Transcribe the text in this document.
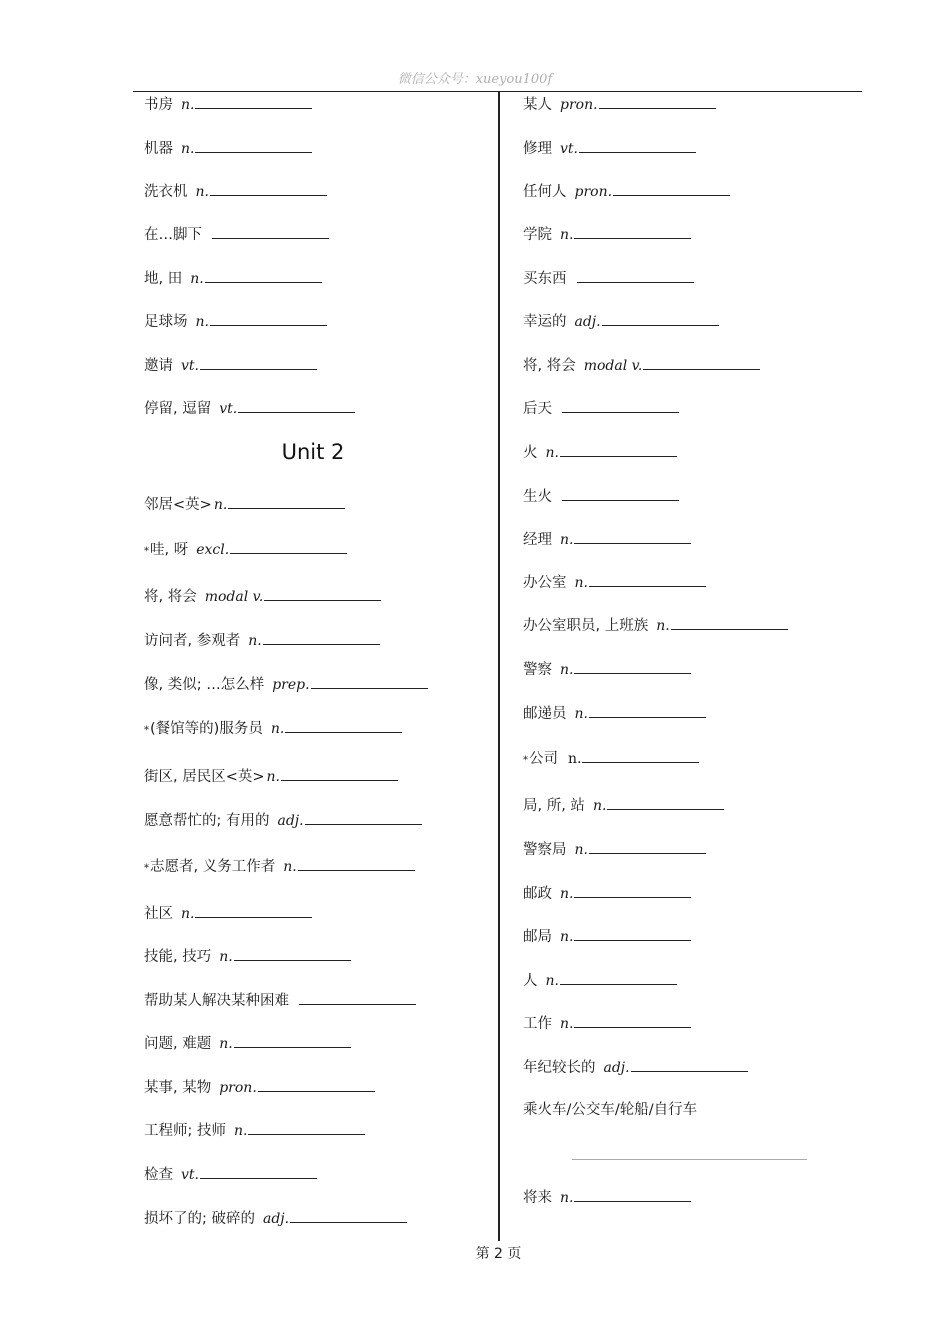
微信公众号：xueyou100f
书房 n.
机器 n.
洗衣机 n.
在…脚下
地, 田 n.
足球场 n.
邀请 vt.
停留, 逗留 vt.
邻居<英> n.
* 哇, 呀 excl.
将, 将会 modal v.
访问者, 参观者 n.
像, 类似; …怎么样 prep.
* (餐馆等的)服务员 n.
街区, 居民区<英> n.
愿意帮忙的; 有用的 adj.
* 志愿者, 义务工作者 n.
社区 n.
技能, 技巧 n.
帮助某人解决某种困难
问题, 难题 n.
某事, 某物 pron.
工程师; 技师 n.
检查 vt.
损坏了的; 破碎的 adj.
某人 pron.
修理 vt.
任何人 pron.
学院 n.
买东西
幸运的 adj.
将, 将会 modal v.
后天
火 n.
生火
经理 n.
办公室 n.
办公室职员, 上班族 n.
警察 n.
邮递员 n.
* 公司 n.
局, 所, 站 n.
警察局 n.
邮政 n.
邮局 n.
人 n.
工作 n.
年纪较长的 adj.
乘火车/公交车/轮船/自行车
将来 n.
Unit 2
第 2 页
